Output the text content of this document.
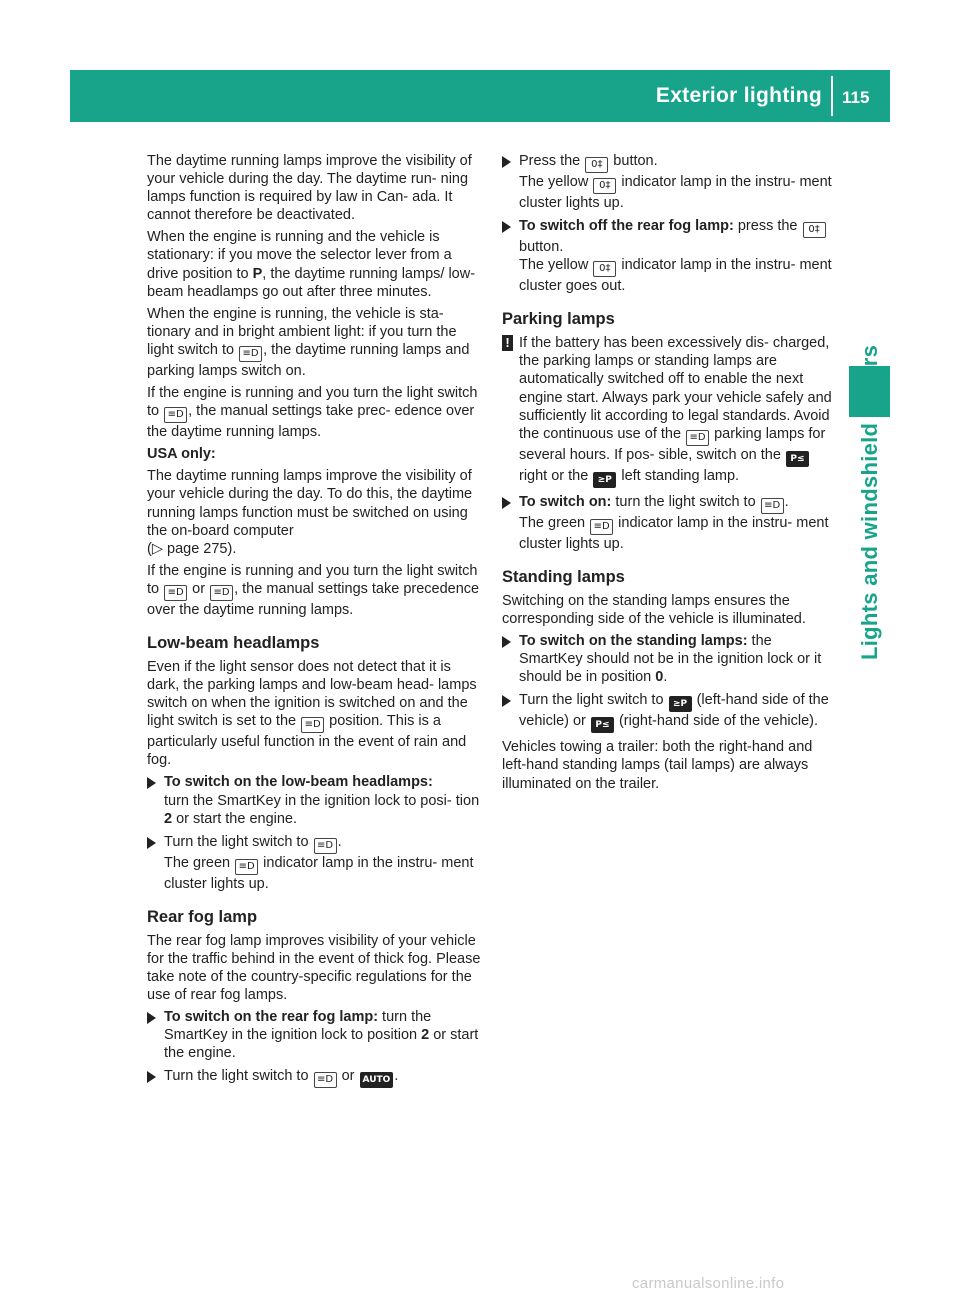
Exterior lighting 115
Lights and windshield wipers

The daytime running lamps improve the visibility of your vehicle during the day. The daytime run- ning lamps function is required by law in Can- ada. It cannot therefore be deactivated.

When the engine is running and the vehicle is stationary: if you move the selector lever from a drive position to P, the daytime running lamps/ low-beam headlamps go out after three minutes.

When the engine is running, the vehicle is sta- tionary and in bright ambient light: if you turn the light switch to ≡D , the daytime running lamps and parking lamps switch on.

If the engine is running and you turn the light switch to ≡D , the manual settings take prec- edence over the daytime running lamps.

USA only:

The daytime running lamps improve the visibility of your vehicle during the day. To do this, the daytime running lamps function must be switched on using the on-board computer
(▷ page 275).

If the engine is running and you turn the light switch to ≡D or ≡D , the manual settings take precedence over the daytime running lamps.

Low-beam headlamps

Even if the light sensor does not detect that it is dark, the parking lamps and low-beam head- lamps switch on when the ignition is switched on and the light switch is set to the ≡D position. This is a particularly useful function in the event of rain and fog.

To switch on the low-beam headlamps:
turn the SmartKey in the ignition lock to posi- tion 2 or start the engine.
Turn the light switch to ≡D .
The green ≡D indicator lamp in the instru- ment cluster lights up.
Rear fog lamp

The rear fog lamp improves visibility of your vehicle for the traffic behind in the event of thick fog. Please take note of the country-specific regulations for the use of rear fog lamps.

To switch on the rear fog lamp: turn the SmartKey in the ignition lock to position 2 or start the engine.
Turn the light switch to ≡D or AUTO .
Press the 0‡ button.
The yellow 0‡ indicator lamp in the instru- ment cluster lights up.
To switch off the rear fog lamp: press the 0‡ button.
The yellow 0‡ indicator lamp in the instru- ment cluster goes out.
Parking lamps
! If the battery has been excessively dis- charged, the parking lamps or standing lamps are automatically switched off to enable the next engine start. Always park your vehicle safely and sufficiently lit according to legal standards. Avoid the continuous use of the ≡D parking lamps for several hours. If pos- sible, switch on the P≤ right or the ≥P left standing lamp.
To switch on: turn the light switch to ≡D .
The green ≡D indicator lamp in the instru- ment cluster lights up.
Standing lamps

Switching on the standing lamps ensures the corresponding side of the vehicle is illuminated.

To switch on the standing lamps: the SmartKey should not be in the ignition lock or it should be in position 0.
Turn the light switch to ≥P (left-hand side of the vehicle) or P≤ (right-hand side of the vehicle).

Vehicles towing a trailer: both the right-hand and left-hand standing lamps (tail lamps) are always illuminated on the trailer.

carmanualsonline.info
